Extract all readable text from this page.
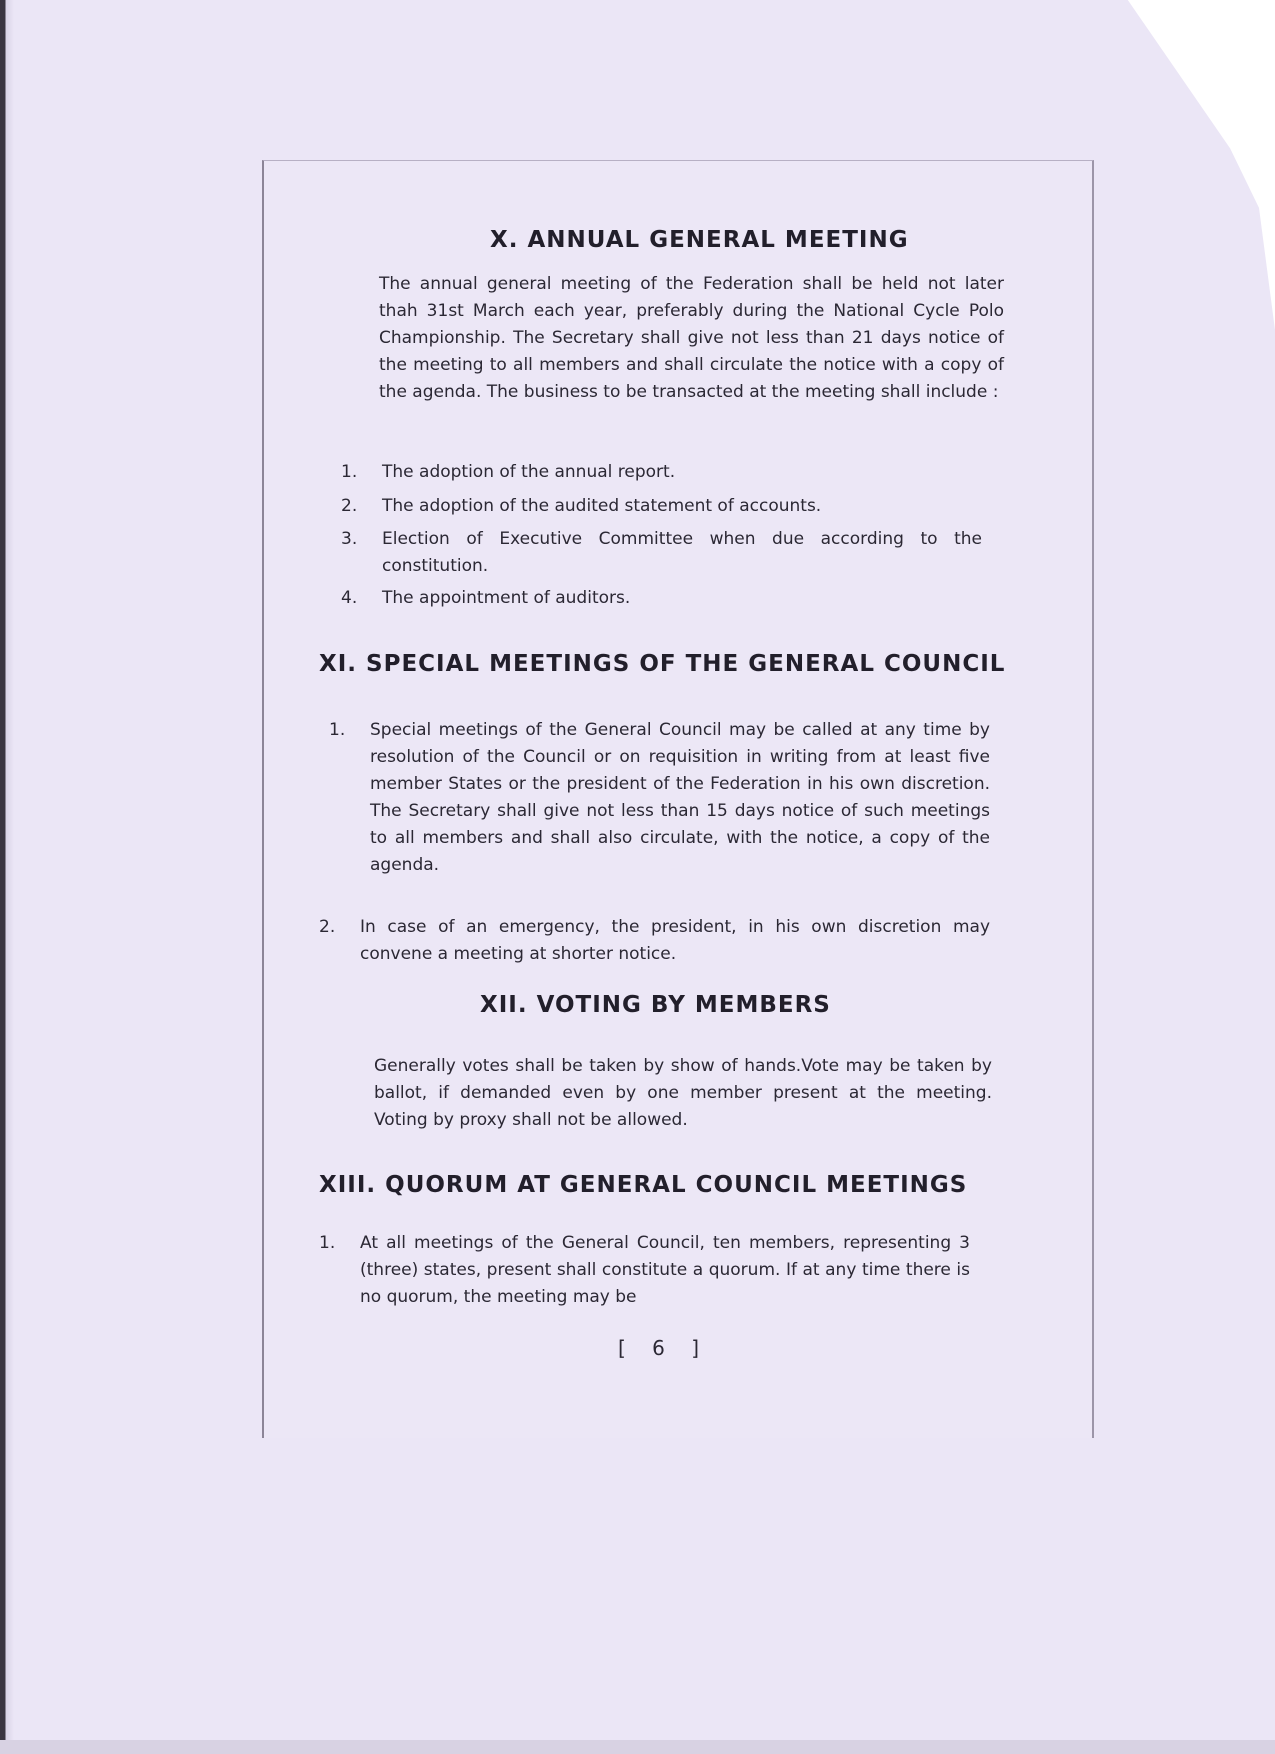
X. ANNUAL GENERAL MEETING

The annual general meeting of the Federation shall be held not later thah 31st March each year, preferably during the National Cycle Polo Championship. The Secretary shall give not less than 21 days notice of the meeting to all members and shall circulate the notice with a copy of the agenda. The business to be transacted at the meeting shall include :

1. The adoption of the annual report.
2. The adoption of the audited statement of accounts.
3. Election of Executive Committee when due according to the constitution.
4. The appointment of auditors.
XI. SPECIAL MEETINGS OF THE GENERAL COUNCIL
1. Special meetings of the General Council may be called at any time by resolution of the Council or on requisition in writing from at least five member States or the president of the Federation in his own discretion. The Secretary shall give not less than 15 days notice of such meetings to all members and shall also circulate, with the notice, a copy of the agenda.
2. In case of an emergency, the president, in his own discretion may convene a meeting at shorter notice.
XII. VOTING BY MEMBERS

Generally votes shall be taken by show of hands.Vote may be taken by ballot, if demanded even by one member present at the meeting. Voting by proxy shall not be allowed.

XIII. QUORUM AT GENERAL COUNCIL MEETINGS
1. At all meetings of the General Council, ten members, representing 3 (three) states, present shall constitute a quorum. If at any time there is no quorum, the meeting may be
[ 6 ]
